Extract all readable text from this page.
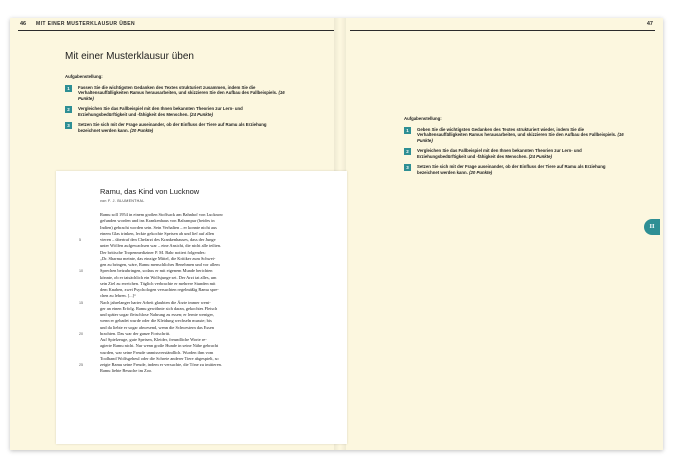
46 MIT EINER MUSTERKLAUSUR ÜBEN	47
Mit einer Musterklausur üben
Aufgabenstellung:
1	Fassen Sie die wichtigsten Gedanken des Textes strukturiert zusammen, indem Sie die Verhaltensauffälligkeiten Ramus herausarbeiten, und skizzieren Sie den Aufbau des Fallbeispiels. (16 Punkte)
2	Vergleichen Sie das Fallbeispiel mit den Ihnen bekannten Theorien zur Lern- und Erziehungsbedürftigkeit und -fähigkeit des Menschen. (24 Punkte)
3	Setzen Sie sich mit der Frage auseinander, ob der Einfluss der Tiere auf Ramu als Erziehung bezeichnet werden kann. (20 Punkte)
Ramu, das Kind von Lucknow
von F. J. BLUMENTHAL
Ramu soll 1954 in einem großen Stoffsack am Bahnhof von Lucknow
gefunden worden und ins Krankenhaus von Balrampur (beides in
Indien) gebracht worden sein. Sein Verhalten – er konnte nicht aus
einem Glas trinken, leckte gekochte Speisen ab und lief auf allen
vieren – übertraf den Chefarzt des Krankenhauses, dass der Junge
unter Wölfen aufgewachsen war – eine Ansicht, die nicht alle teilten.
Der britische Tropenmediziner P. M. Bahr notiert folgendes:
„Dr. Sharma meinte, das einzige Mittel, die Kritiker zum Schwei-
gen zu bringen, wäre, Ramu menschliches Benehmen und vor allem
Sprechen beizubringen, sodass er mit eigenem Munde berichten
könnte, ob er tatsächlich ein Wolfsjunge sei. Der Arzt tat alles, um
sein Ziel zu erreichen. Täglich verbrachte er mehrere Stunden mit
dem Knaben, zwei Psychologen versuchten regelmäßig Ramu spre-
chen zu lehren. [...]“
Nach jahrelanger harter Arbeit glaubten die Ärzte immer weni-
ger an einen Erfolg. Ramu gewöhnte sich daran, gekochtes Fleisch
und später sogar fleischlose Nahrung zu essen; er lernte weniger,
wenn er gebadet wurde oder die Kleidung wechseln musste; bis
und da liebte er sogar abwesend, wenn die Schwestern das Essen
brachten. Das war der ganze Fortschritt.
Auf Spielzeuge, gute Speisen, Kleider, freundliche Worte re-
agierte Ramu nicht. Nur wenn große Hunde in seine Nähe gebracht
wurden, war seine Freude unmissverständlich. Wurden ihm vom
Toolband Wolfsgeheul oder die Schreie anderer Tiere abgespielt, so
zeigte Ramu seine Freude, indem er versuchte, die Töne zu imitieren.
Ramu liebte Besuche im Zoo.
5
10
15
20
25
Aufgabenstellung:
1	Geben Sie die wichtigsten Gedanken des Textes strukturiert wieder, indem Sie die Verhaltensauffälligkeiten Ramus herausarbeiten, und skizzieren Sie den Aufbau des Fallbeispiels. (16 Punkte)
2	Vergleichen Sie das Fallbeispiel mit den Ihnen bekannten Theorien zur Lern- und Erziehungsbedürftigkeit und -fähigkeit des Menschen. (24 Punkte)
3	Setzen Sie sich mit der Frage auseinander, ob der Einfluss der Tiere auf Ramu als Erziehung bezeichnet werden kann. (20 Punkte)
II
